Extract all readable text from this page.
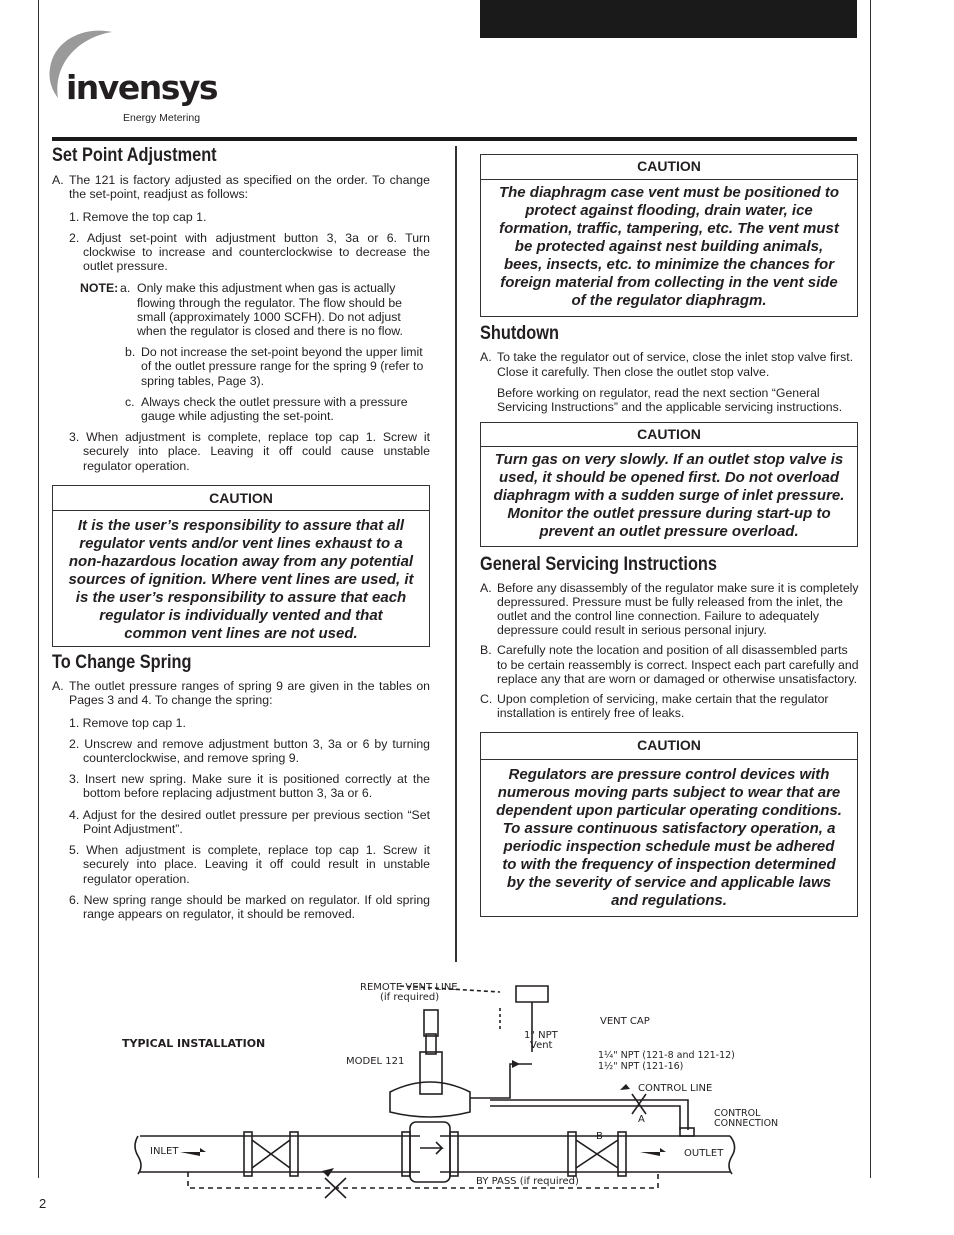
invensys
Energy Metering
Set Point Adjustment
A. The 121 is factory adjusted as specified on the order. To change the set-point, readjust as follows:

1. Remove the top cap 1.

2. Adjust set-point with adjustment button 3, 3a or 6. Turn clockwise to increase and counterclockwise to decrease the outlet pressure.

NOTE: a. Only make this adjustment when gas is actually flowing through the regulator. The flow should be small (approximately 1000 SCFH). Do not adjust when the regulator is closed and there is no flow.
b. Do not increase the set-point beyond the upper limit of the outlet pressure range for the spring 9 (refer to spring tables, Page 3).
c. Always check the outlet pressure with a pressure gauge while adjusting the set-point.

3. When adjustment is complete, replace top cap 1. Screw it securely into place. Leaving it off could cause unstable regulator operation.

CAUTION
It is the user’s responsibility to assure that all regulator vents and/or vent lines exhaust to a non-hazardous location away from any potential sources of ignition. Where vent lines are used, it is the user’s responsibility to assure that each regulator is individually vented and that common vent lines are not used.
To Change Spring
A. The outlet pressure ranges of spring 9 are given in the tables on Pages 3 and 4. To change the spring:

1. Remove top cap 1.

2. Unscrew and remove adjustment button 3, 3a or 6 by turning counterclockwise, and remove spring 9.

3. Insert new spring. Make sure it is positioned correctly at the bottom before replacing adjustment button 3, 3a or 6.

4. Adjust for the desired outlet pressure per previous section “Set Point Adjustment”.

5. When adjustment is complete, replace top cap 1. Screw it securely into place. Leaving it off could result in unstable regulator operation.

6. New spring range should be marked on regulator. If old spring range appears on regulator, it should be removed.

CAUTION
The diaphragm case vent must be positioned to protect against flooding, drain water, ice formation, traffic, tampering, etc. The vent must be protected against nest building animals, bees, insects, etc. to minimize the chances for foreign material from collecting in the vent side of the regulator diaphragm.
Shutdown
A. To take the regulator out of service, close the inlet stop valve first. Close it carefully. Then close the outlet stop valve.

Before working on regulator, read the next section “General Servicing Instructions” and the applicable servicing instructions.

CAUTION
Turn gas on very slowly. If an outlet stop valve is used, it should be opened first. Do not overload diaphragm with a sudden surge of inlet pressure. Monitor the outlet pressure during start-up to prevent an outlet pressure overload.
General Servicing Instructions
A. Before any disassembly of the regulator make sure it is completely depressured. Pressure must be fully released from the inlet, the outlet and the control line connection. Failure to adequately depressure could result in serious personal injury.
B. Carefully note the location and position of all disassembled parts to be certain reassembly is correct. Inspect each part carefully and replace any that are worn or damaged or otherwise unsatisfactory.
C. Upon completion of servicing, make certain that the regulator installation is entirely free of leaks.
CAUTION
Regulators are pressure control devices with numerous moving parts subject to wear that are dependent upon particular operating conditions. To assure continuous satisfactory operation, a periodic inspection schedule must be adhered to with the frequency of inspection determined by the severity of service and applicable laws and regulations.
TYPICAL INSTALLATION
REMOTE VENT LINE
(if required)
VENT CAP
1" NPT
Vent
MODEL 121
1¼" NPT (121-8 and 121-12)
1½" NPT (121-16)
CONTROL LINE
CONTROL
CONNECTION
INLET	OUTLET
A
B
BY PASS (if required)
2
